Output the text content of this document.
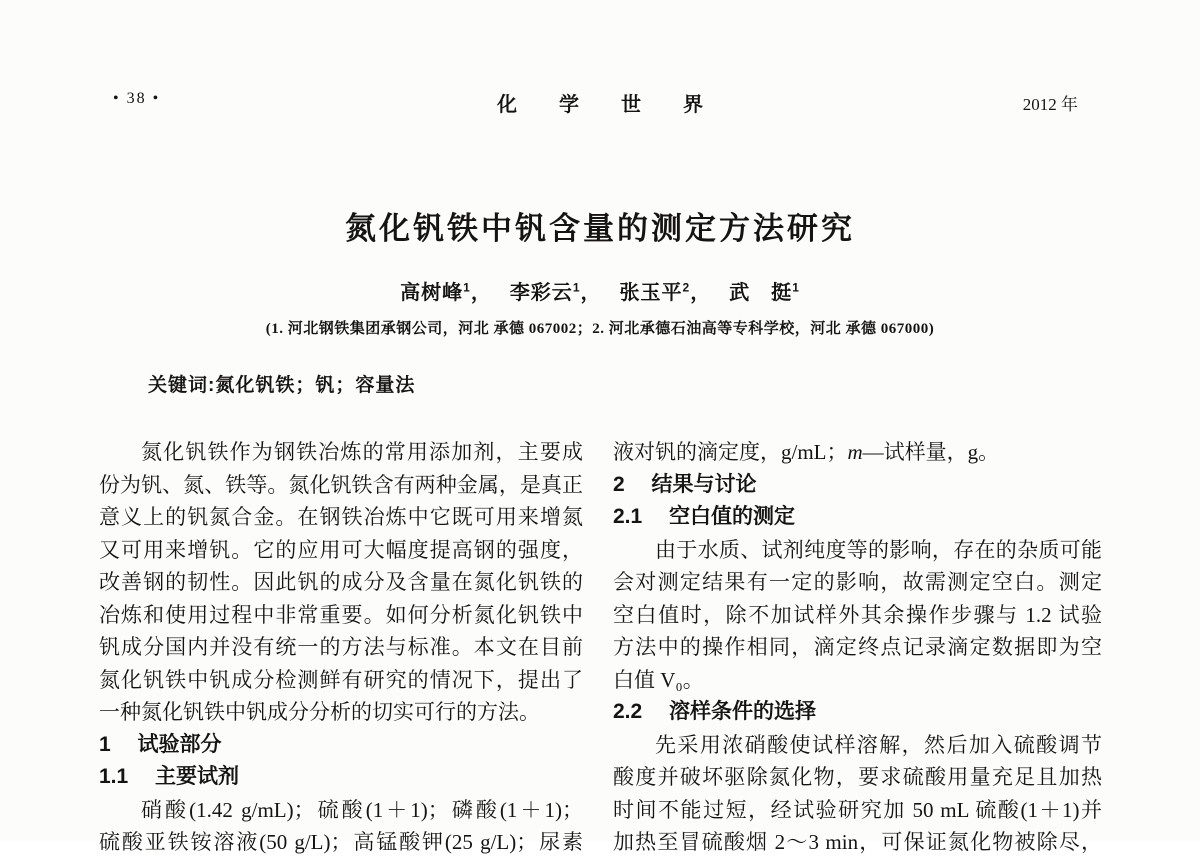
• 38 •	化学世界	2012 年
氮化钒铁中钒含量的测定方法研究
高树峰$^1$， 李彩云$^1$， 张玉平$^2$， 武　挺$^1$
(1. 河北钢铁集团承钢公司，河北 承德 067002；2. 河北承德石油高等专科学校，河北 承德 067000)
关键词:氮化钒铁；钒；容量法
氮化钒铁作为钢铁冶炼的常用添加剂，主要成
份为钒、氮、铁等。氮化钒铁含有两种金属，是真正
意义上的钒氮合金。在钢铁冶炼中它既可用来增氮
又可用来增钒。它的应用可大幅度提高钢的强度，
改善钢的韧性。因此钒的成分及含量在氮化钒铁的
冶炼和使用过程中非常重要。如何分析氮化钒铁中
钒成分国内并没有统一的方法与标准。本文在目前
氮化钒铁中钒成分检测鲜有研究的情况下，提出了
一种氮化钒铁中钒成分分析的切实可行的方法。
1　 试验部分
1.1　 主要试剂
硝酸(1.42 g/mL)；硫酸(1＋1)；磷酸(1＋1)；
硫酸亚铁铵溶液(50 g/L)；高锰酸钾(25 g/L)；尿素
液对钒的滴定度，g/mL；m—试样量，g。
2　 结果与讨论
2.1　 空白值的测定
由于水质、试剂纯度等的影响，存在的杂质可能
会对测定结果有一定的影响，故需测定空白。测定
空白值时，除不加试样外其余操作步骤与 1.2 试验
方法中的操作相同，滴定终点记录滴定数据即为空
白值 V₀。
2.2　 溶样条件的选择
先采用浓硝酸使试样溶解，然后加入硫酸调节
酸度并破坏驱除氮化物，要求硫酸用量充足且加热
时间不能过短，经试验研究加 50 mL 硫酸(1＋1)并
加热至冒硫酸烟 2～3 min，可保证氮化物被除尽，
